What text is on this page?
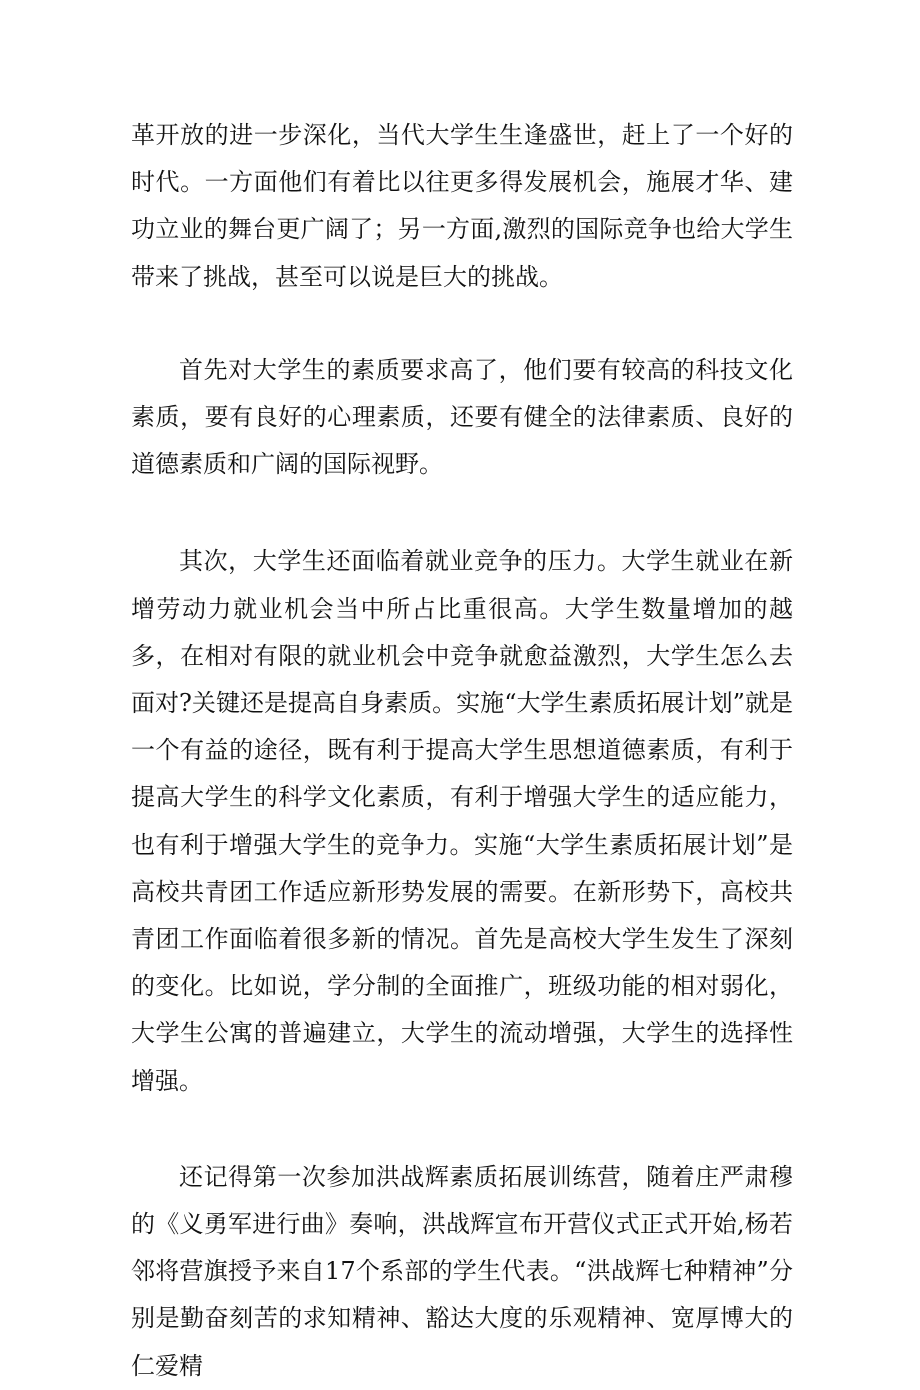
革开放的进一步深化，当代大学生生逢盛世，赶上了一个好的时代。一方面他们有着比以往更多得发展机会，施展才华、建功立业的舞台更广阔了；另一方面,激烈的国际竞争也给大学生带来了挑战，甚至可以说是巨大的挑战。

首先对大学生的素质要求高了，他们要有较高的科技文化素质，要有良好的心理素质，还要有健全的法律素质、良好的道德素质和广阔的国际视野。

其次，大学生还面临着就业竞争的压力。大学生就业在新增劳动力就业机会当中所占比重很高。大学生数量增加的越多，在相对有限的就业机会中竞争就愈益激烈，大学生怎么去面对?关键还是提高自身素质。实施“大学生素质拓展计划”就是一个有益的途径，既有利于提高大学生思想道德素质，有利于提高大学生的科学文化素质，有利于增强大学生的适应能力，也有利于增强大学生的竞争力。实施“大学生素质拓展计划”是高校共青团工作适应新形势发展的需要。在新形势下，高校共青团工作面临着很多新的情况。首先是高校大学生发生了深刻的变化。比如说，学分制的全面推广，班级功能的相对弱化，大学生公寓的普遍建立，大学生的流动增强，大学生的选择性增强。

还记得第一次参加洪战辉素质拓展训练营，随着庄严肃穆的《义勇军进行曲》奏响，洪战辉宣布开营仪式正式开始,杨若邻将营旗授予来自17个系部的学生代表。“洪战辉七种精神”分别是勤奋刻苦的求知精神、豁达大度的乐观精神、宽厚博大的仁爱精
